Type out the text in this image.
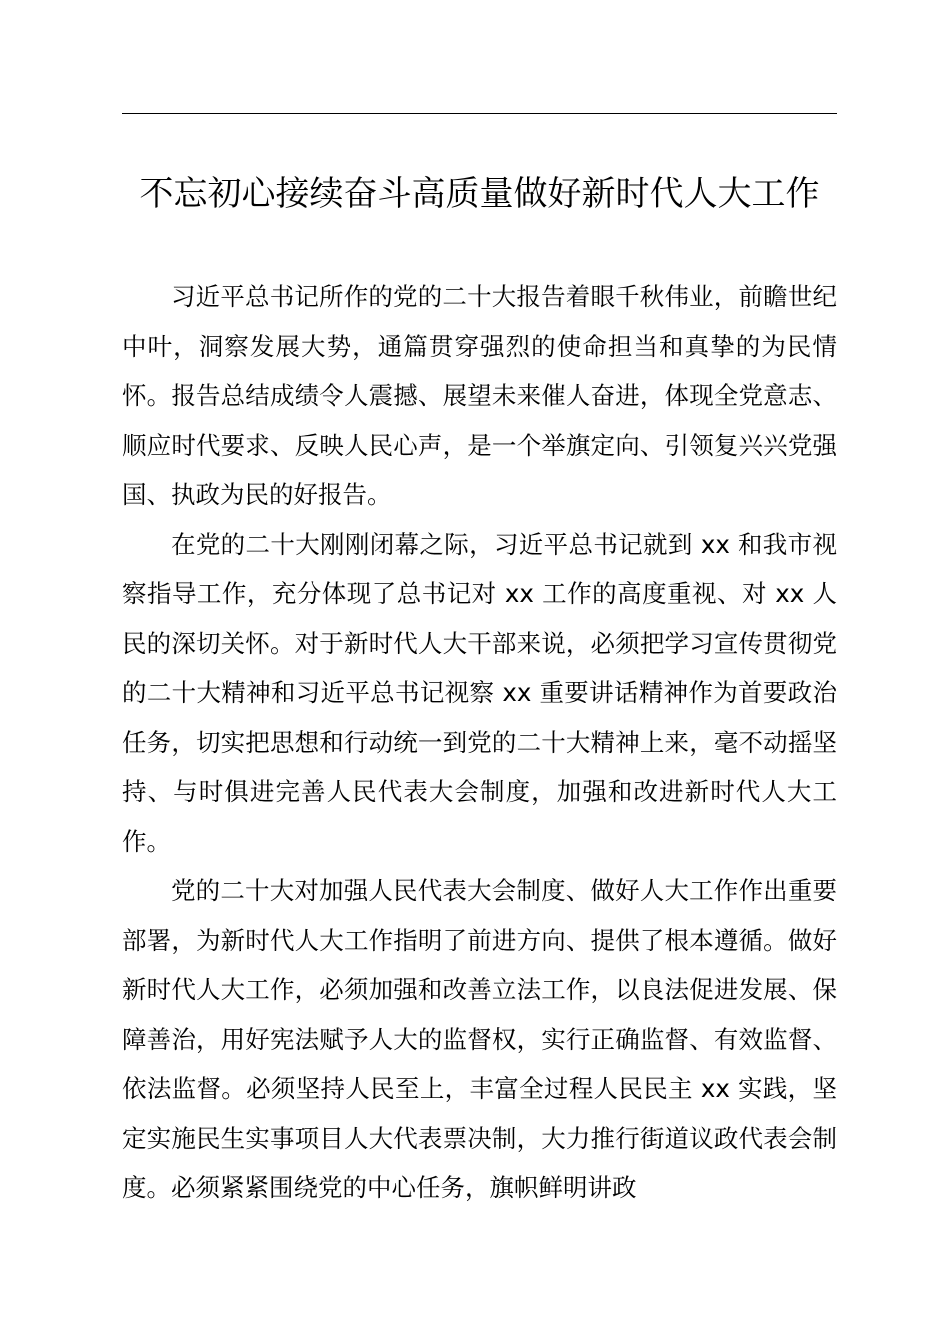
不忘初心接续奋斗高质量做好新时代人大工作

习近平总书记所作的党的二十大报告着眼千秋伟业，前瞻世纪中叶，洞察发展大势，通篇贯穿强烈的使命担当和真挚的为民情怀。报告总结成绩令人震撼、展望未来催人奋进，体现全党意志、顺应时代要求、反映人民心声，是一个举旗定向、引领复兴兴党强国、执政为民的好报告。

在党的二十大刚刚闭幕之际，习近平总书记就到 xx 和我市视察指导工作，充分体现了总书记对 xx 工作的高度重视、对 xx 人民的深切关怀。对于新时代人大干部来说，必须把学习宣传贯彻党的二十大精神和习近平总书记视察 xx 重要讲话精神作为首要政治任务，切实把思想和行动统一到党的二十大精神上来，毫不动摇坚持、与时俱进完善人民代表大会制度，加强和改进新时代人大工作。

党的二十大对加强人民代表大会制度、做好人大工作作出重要部署，为新时代人大工作指明了前进方向、提供了根本遵循。做好新时代人大工作，必须加强和改善立法工作，以良法促进发展、保障善治，用好宪法赋予人大的监督权，实行正确监督、有效监督、依法监督。必须坚持人民至上，丰富全过程人民民主 xx 实践，坚定实施民生实事项目人大代表票决制，大力推行街道议政代表会制度。必须紧紧围绕党的中心任务，旗帜鲜明讲政
